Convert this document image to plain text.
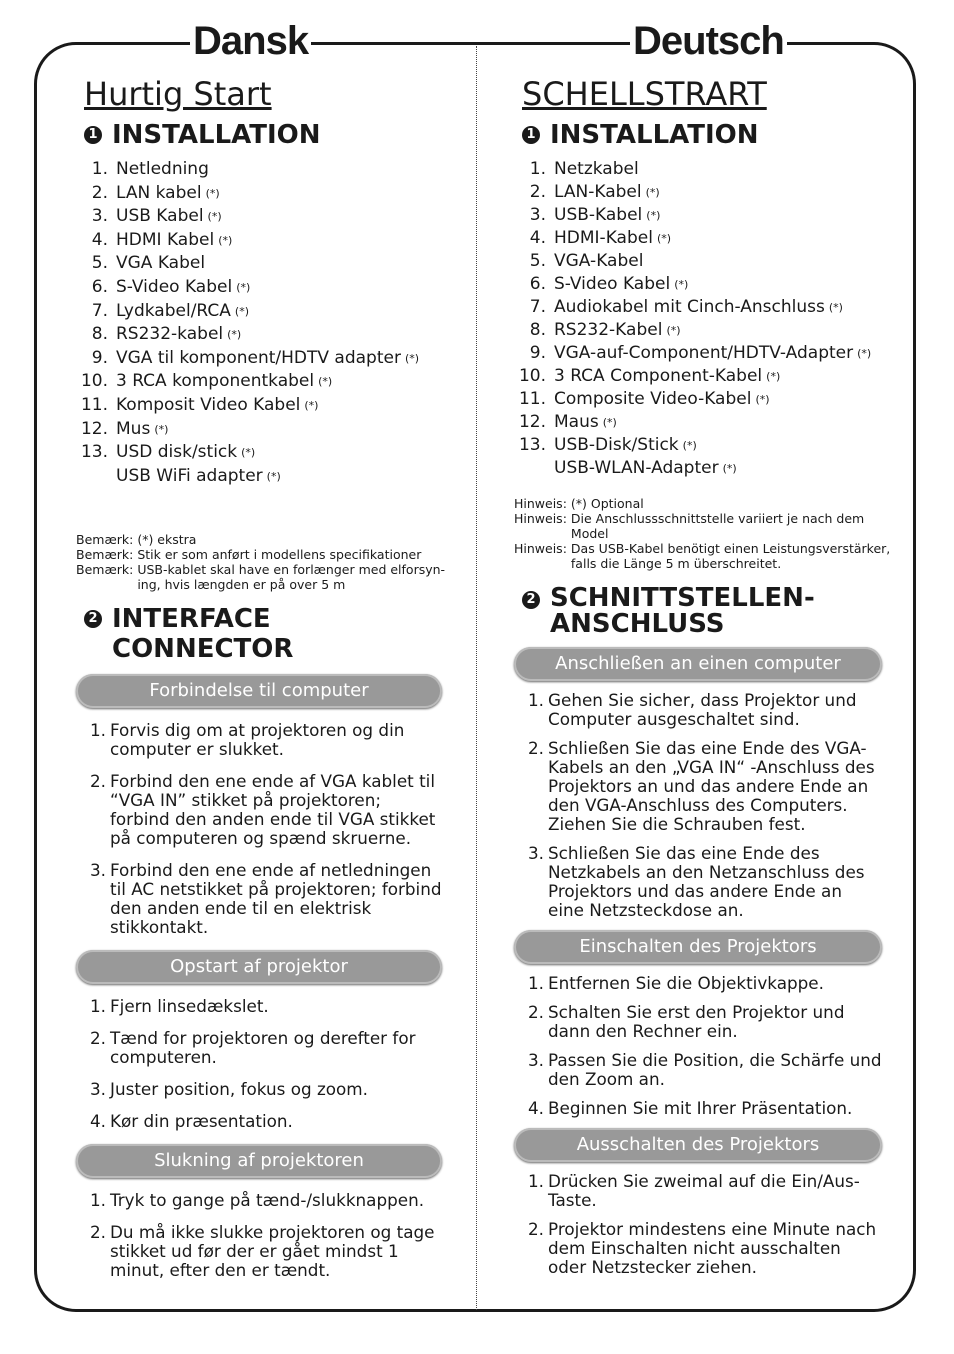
Dansk	Deutsch
Hurtig Start
1 INSTALLATION
1. Netledning
2. LAN kabel (*)
3. USB Kabel (*)
4. HDMI Kabel (*)
5. VGA Kabel
6. S-Video Kabel (*)
7. Lydkabel/RCA (*)
8. RS232-kabel (*)
9. VGA til komponent/HDTV adapter (*)
10. 3 RCA komponentkabel (*)
11. Komposit Video Kabel (*)
12. Mus (*)
13. USD disk/stick (*)
USB WiFi adapter (*)
Bemærk: (*) ekstra
Bemærk: Stik er som anført i modellens specifikationer
Bemærk: USB-kablet skal have en forlænger med elforsyn-ing, hvis længden er på over 5 m
2 INTERFACE CONNECTOR
Forbindelse til computer
1. Forvis dig om at projektoren og din computer er slukket.
2. Forbind den ene ende af VGA kablet til “VGA IN” stikket på projektoren; forbind den anden ende til VGA stikket på computeren og spænd skruerne.
3. Forbind den ene ende af netledningen til AC netstikket på projektoren; forbind den anden ende til en elektrisk stikkontakt.
Opstart af projektor
1. Fjern linsedækslet.
2. Tænd for projektoren og derefter for computeren.
3. Juster position, fokus og zoom.
4. Kør din præsentation.
Slukning af projektoren
1. Tryk to gange på tænd-/slukknappen.
2. Du må ikke slukke projektoren og tage stikket ud før der er gået mindst 1 minut, efter den er tændt.
SCHELLSTRART
1 INSTALLATION
1. Netzkabel
2. LAN-Kabel (*)
3. USB-Kabel (*)
4. HDMI-Kabel (*)
5. VGA-Kabel
6. S-Video Kabel (*)
7. Audiokabel mit Cinch-Anschluss (*)
8. RS232-Kabel (*)
9. VGA-auf-Component/HDTV-Adapter (*)
10. 3 RCA Component-Kabel (*)
11. Composite Video-Kabel (*)
12. Maus (*)
13. USB-Disk/Stick (*)
USB-WLAN-Adapter (*)
Hinweis: (*) Optional
Hinweis: Die Anschlussschnittstelle variiert je nach dem Model
Hinweis: Das USB-Kabel benötigt einen Leistungsverstärker, falls die Länge 5 m überschreitet.
2 SCHNITTSTELLEN-ANSCHLUSS
Anschließen an einen computer
1. Gehen Sie sicher, dass Projektor und Computer ausgeschaltet sind.
2. Schließen Sie das eine Ende des VGA-Kabels an den „VGA IN“ -Anschluss des Projektors an und das andere Ende an den VGA-Anschluss des Computers. Ziehen Sie die Schrauben fest.
3. Schließen Sie das eine Ende des Netzkabels an den Netzanschluss des Projektors und das andere Ende an eine Netzsteckdose an.
Einschalten des Projektors
1. Entfernen Sie die Objektivkappe.
2. Schalten Sie erst den Projektor und dann den Rechner ein.
3. Passen Sie die Position, die Schärfe und den Zoom an.
4. Beginnen Sie mit Ihrer Präsentation.
Ausschalten des Projektors
1. Drücken Sie zweimal auf die Ein/Aus-Taste.
2. Projektor mindestens eine Minute nach dem Einschalten nicht ausschalten oder Netzstecker ziehen.
